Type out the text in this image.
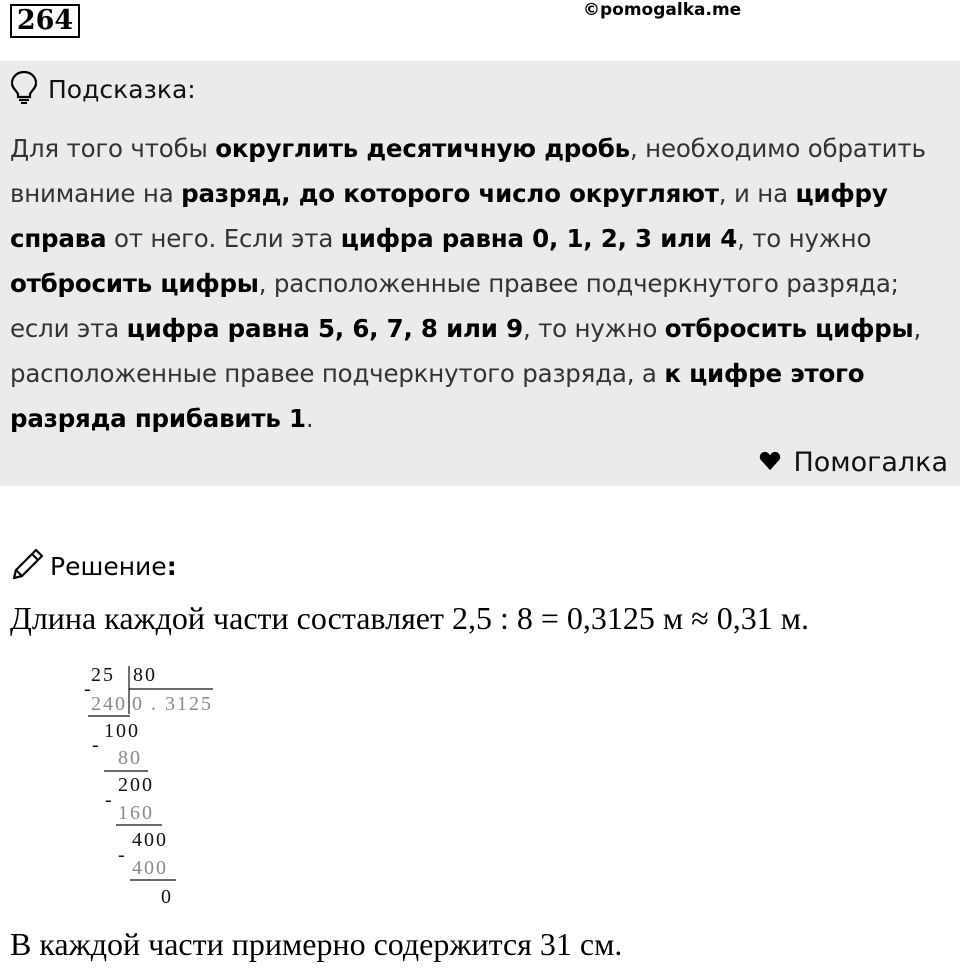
264	©pomogalka.me
Подсказка:
Для того чтобы округлить десятичную дробь, необходимо обратить внимание на разряд, до которого число округляют, и на цифру справа от него. Если эта цифра равна 0, 1, 2, 3 или 4, то нужно отбросить цифры, расположенные правее подчеркнутого разряда; если эта цифра равна 5, 6, 7, 8 или 9, то нужно отбросить цифры, расположенные правее подчеркнутого разряда, а к цифре этого разряда прибавить 1.
Помогалка
Решение:
Длина каждой части составляет 2,5 : 8 = 0,3125 м ≈ 0,31 м.
25 80
-
240 0 . 3125
100
-
80
200
-
160
400
-
400
0
В каждой части примерно содержится 31 см.
